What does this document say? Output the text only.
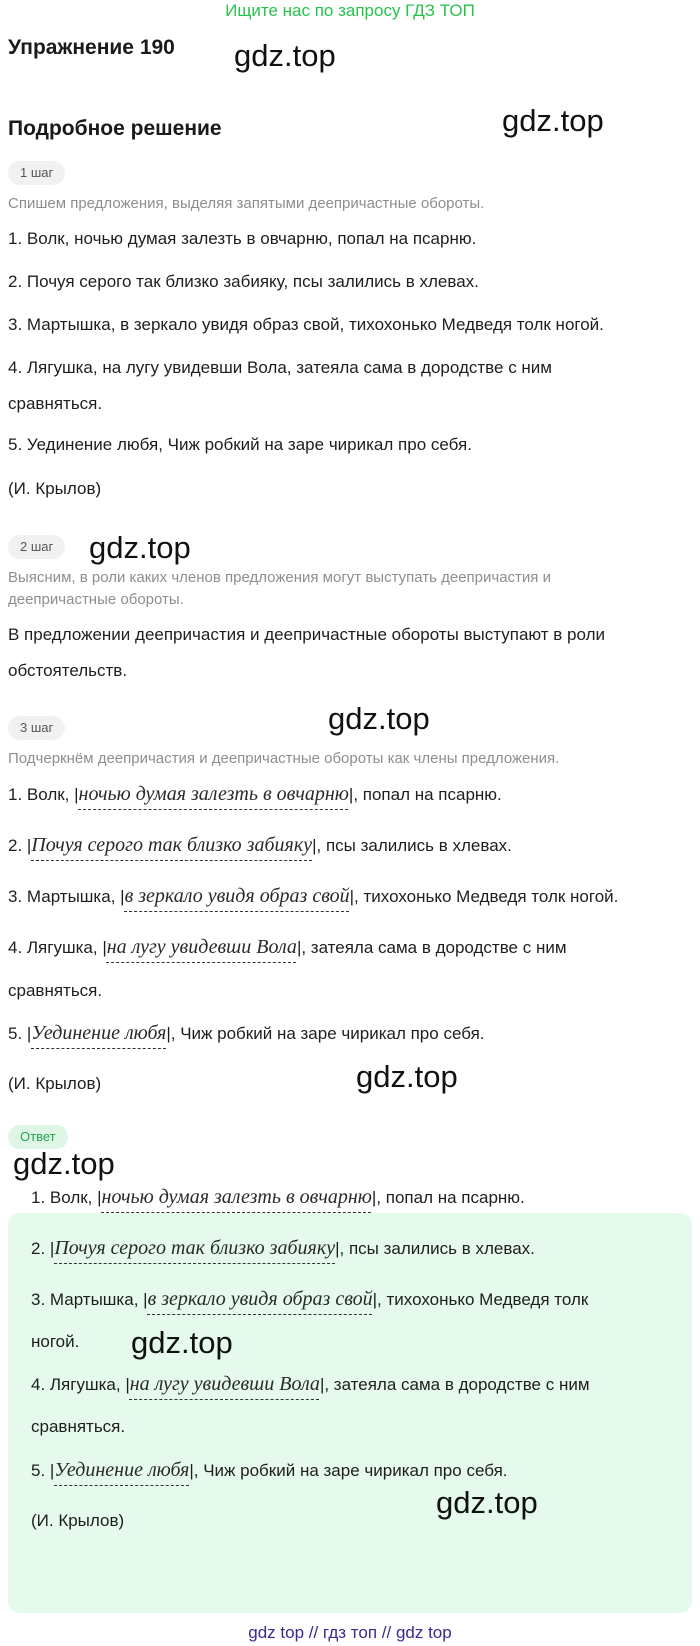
Ищите нас по запросу ГДЗ ТОП
Упражнение 190 gdz.top
Подробное решение	gdz.top
1 шаг
Спишем предложения, выделяя запятыми деепричастные обороты.
1. Волк, ночью думая залезть в овчарню, попал на псарню.
2. Почуя серого так близко забияку, псы залились в хлевах.
3. Мартышка, в зеркало увидя образ свой, тихохонько Медведя толк ногой.
4. Лягушка, на лугу увидевши Вола, затеяла сама в дородстве с ним сравняться.
5. Уединение любя, Чиж робкий на заре чирикал про себя.
(И. Крылов)
2 шаг	gdz.top
Выясним, в роли каких членов предложения могут выступать деепричастия и деепричастные обороты.
В предложении деепричастия и деепричастные обороты выступают в роли обстоятельств.
3 шаг	gdz.top
Подчеркнём деепричастия и деепричастные обороты как члены предложения.
1. Волк, |ночью думая залезть в овчарню|, попал на псарню.
2. |Почуя серого так близко забияку|, псы залились в хлевах.
3. Мартышка, |в зеркало увидя образ свой|, тихохонько Медведя толк ногой.
4. Лягушка, |на лугу увидевши Вола|, затеяла сама в дородстве с ним
сравняться.
5. |Уединение любя|, Чиж робкий на заре чирикал про себя.
(И. Крылов)	gdz.top
Ответ
gdz.top
1. Волк, |ночью думая залезть в овчарню|, попал на псарню.
2. |Почуя серого так близко забияку|, псы залились в хлевах.
3. Мартышка, |в зеркало увидя образ свой|, тихохонько Медведя толк
ногой. gdz.top
4. Лягушка, |на лугу увидевши Вола|, затеяла сама в дородстве с ним
сравняться.
5. |Уединение любя|, Чиж робкий на заре чирикал про себя.
gdz.top
(И. Крылов)
gdz top // гдз топ // gdz top
